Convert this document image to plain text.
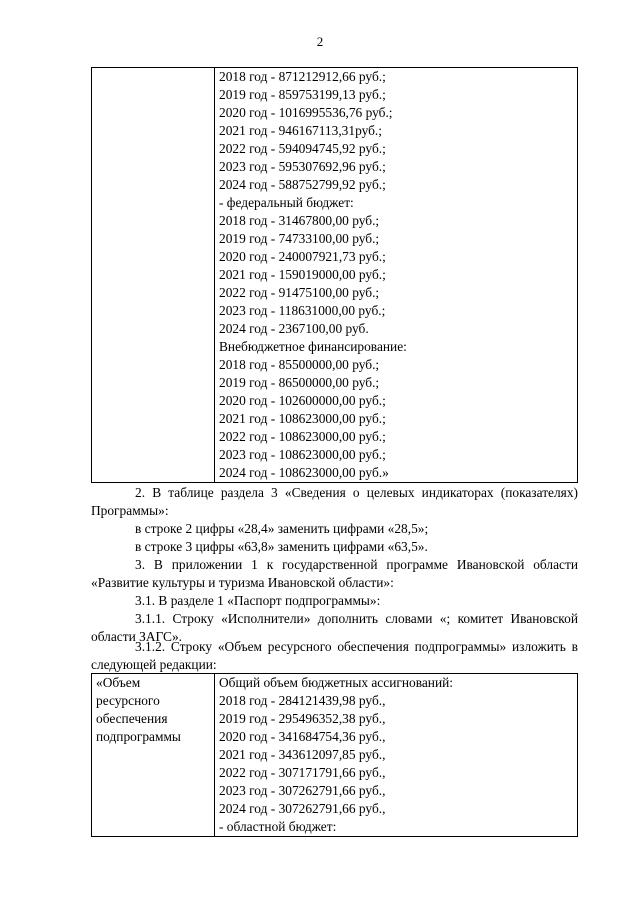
2

2018 год - 871212912,66 руб.;
2019 год - 859753199,13 руб.;
2020 год - 1016995536,76 руб.;
2021 год - 946167113,31руб.;
2022 год - 594094745,92 руб.;
2023 год - 595307692,96 руб.;
2024 год - 588752799,92 руб.;
- федеральный бюджет:
2018 год - 31467800,00 руб.;
2019 год - 74733100,00 руб.;
2020 год - 240007921,73 руб.;
2021 год - 159019000,00 руб.;
2022 год - 91475100,00 руб.;
2023 год - 118631000,00 руб.;
2024 год - 2367100,00 руб.
Внебюджетное финансирование:
2018 год - 85500000,00 руб.;
2019 год - 86500000,00 руб.;
2020 год - 102600000,00 руб.;
2021 год - 108623000,00 руб.;
2022 год - 108623000,00 руб.;
2023 год - 108623000,00 руб.;
2024 год - 108623000,00 руб.»
2. В таблице раздела 3 «Сведения о целевых индикаторах (показателях) Программы»:
в строке 2 цифры «28,4» заменить цифрами «28,5»;
в строке 3 цифры «63,8» заменить цифрами «63,5».
3. В приложении 1 к государственной программе Ивановской области «Развитие культуры и туризма Ивановской области»:
3.1. В разделе 1 «Паспорт подпрограммы»:
3.1.1. Строку «Исполнители» дополнить словами «; комитет Ивановской области ЗАГС».
3.1.2. Строку «Объем ресурсного обеспечения подпрограммы» изложить в следующей редакции:
«Объем
ресурсного
обеспечения
подпрограммы

Общий объем бюджетных ассигнований:
2018 год - 284121439,98 руб.,
2019 год - 295496352,38 руб.,
2020 год - 341684754,36 руб.,
2021 год - 343612097,85 руб.,
2022 год - 307171791,66 руб.,
2023 год - 307262791,66 руб.,
2024 год - 307262791,66 руб.,
- областной бюджет:
